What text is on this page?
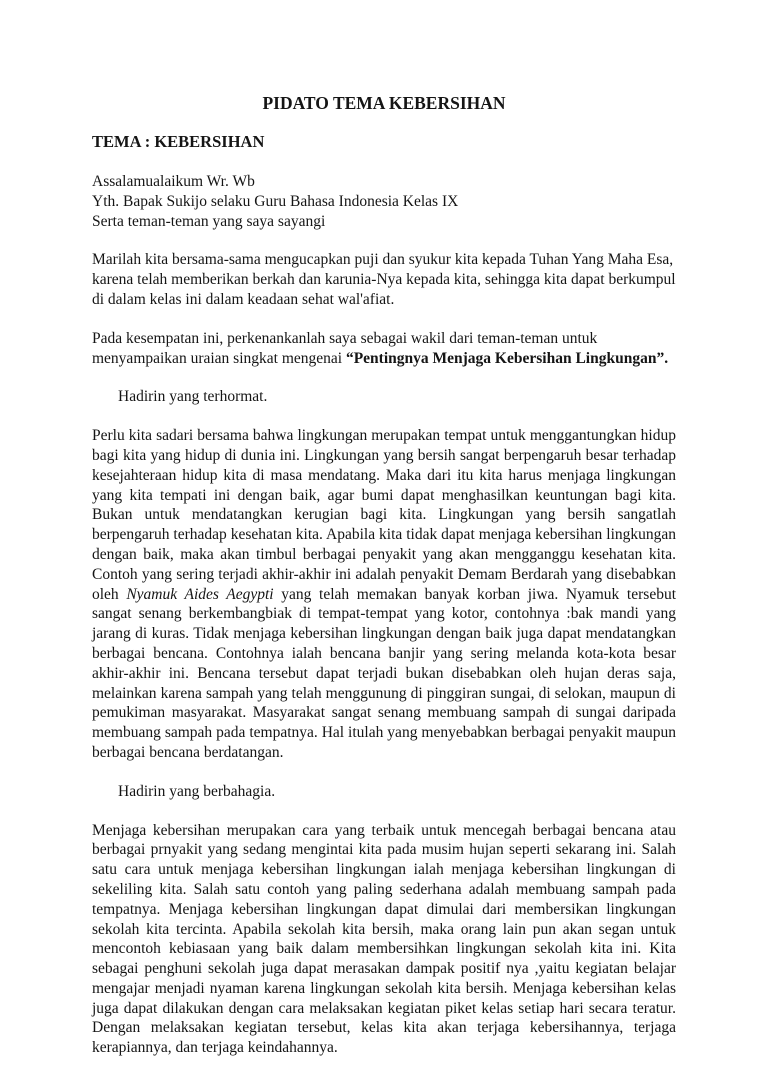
PIDATO TEMA KEBERSIHAN
TEMA : KEBERSIHAN

Assalamualaikum Wr. Wb

Yth. Bapak Sukijo selaku Guru Bahasa Indonesia Kelas IX

Serta teman-teman yang saya sayangi

Marilah kita bersama-sama mengucapkan puji dan syukur kita kepada Tuhan Yang Maha Esa, karena telah memberikan berkah dan karunia-Nya kepada kita, sehingga kita dapat berkumpul di dalam kelas ini dalam keadaan sehat wal'afiat.

Pada kesempatan ini, perkenankanlah saya sebagai wakil dari teman-teman untuk menyampaikan uraian singkat mengenai “Pentingnya Menjaga Kebersihan Lingkungan”.

Hadirin yang terhormat.

Perlu kita sadari bersama bahwa lingkungan merupakan tempat untuk menggantungkan hidup bagi kita yang hidup di dunia ini. Lingkungan yang bersih sangat berpengaruh besar terhadap kesejahteraan hidup kita di masa mendatang. Maka dari itu kita harus menjaga lingkungan yang kita tempati ini dengan baik, agar bumi dapat menghasilkan keuntungan bagi kita. Bukan untuk mendatangkan kerugian bagi kita. Lingkungan yang bersih sangatlah berpengaruh terhadap kesehatan kita. Apabila kita tidak dapat menjaga kebersihan lingkungan dengan baik, maka akan timbul berbagai penyakit yang akan mengganggu kesehatan kita. Contoh yang sering terjadi akhir-akhir ini adalah penyakit Demam Berdarah yang disebabkan oleh Nyamuk Aides Aegypti yang telah memakan banyak korban jiwa. Nyamuk tersebut sangat senang berkembangbiak di tempat-tempat yang kotor, contohnya :bak mandi yang jarang di kuras. Tidak menjaga kebersihan lingkungan dengan baik juga dapat mendatangkan berbagai bencana. Contohnya ialah bencana banjir yang sering melanda kota-kota besar akhir-akhir ini. Bencana tersebut dapat terjadi bukan disebabkan oleh hujan deras saja, melainkan karena sampah yang telah menggunung di pinggiran sungai, di selokan, maupun di pemukiman masyarakat. Masyarakat sangat senang membuang sampah di sungai daripada membuang sampah pada tempatnya. Hal itulah yang menyebabkan berbagai penyakit maupun berbagai bencana berdatangan.

Hadirin yang berbahagia.

Menjaga kebersihan merupakan cara yang terbaik untuk mencegah berbagai bencana atau berbagai prnyakit yang sedang mengintai kita pada musim hujan seperti sekarang ini. Salah satu cara untuk menjaga kebersihan lingkungan ialah menjaga kebersihan lingkungan di sekeliling kita. Salah satu contoh yang paling sederhana adalah membuang sampah pada tempatnya. Menjaga kebersihan lingkungan dapat dimulai dari membersikan lingkungan sekolah kita tercinta. Apabila sekolah kita bersih, maka orang lain pun akan segan untuk mencontoh kebiasaan yang baik dalam membersihkan lingkungan sekolah kita ini. Kita sebagai penghuni sekolah juga dapat merasakan dampak positif nya ,yaitu kegiatan belajar mengajar menjadi nyaman karena lingkungan sekolah kita bersih. Menjaga kebersihan kelas juga dapat dilakukan dengan cara melaksakan kegiatan piket kelas setiap hari secara teratur. Dengan melaksakan kegiatan tersebut, kelas kita akan terjaga kebersihannya, terjaga kerapiannya, dan terjaga keindahannya.
